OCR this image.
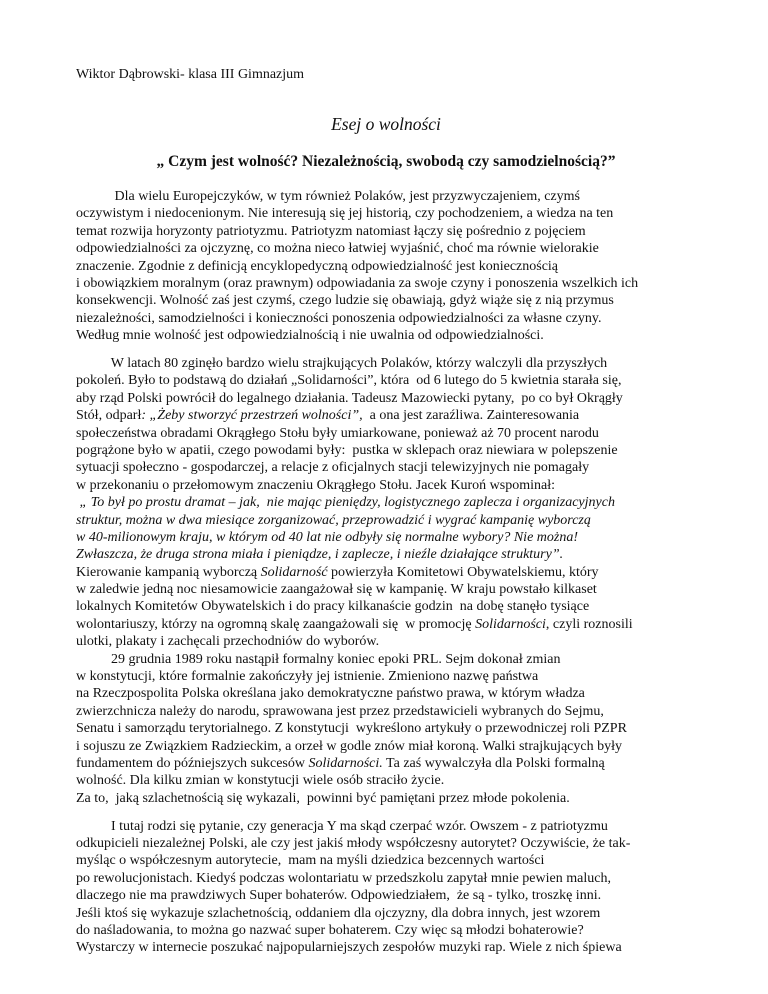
Wiktor Dąbrowski- klasa III Gimnazjum
Esej o wolności
„ Czym jest wolność? Niezależnością, swobodą czy samodzielnością?”
Dla wielu Europejczyków, w tym również Polaków, jest przyzwyczajeniem, czymś
oczywistym i niedocenionym. Nie interesują się jej historią, czy pochodzeniem, a wiedza na ten
temat rozwija horyzonty patriotyzmu. Patriotyzm natomiast łączy się pośrednio z pojęciem
odpowiedzialności za ojczyznę, co można nieco łatwiej wyjaśnić, choć ma równie wielorakie
znaczenie. Zgodnie z definicją encyklopedyczną odpowiedzialność jest koniecznością
i obowiązkiem moralnym (oraz prawnym) odpowiadania za swoje czyny i ponoszenia wszelkich ich
konsekwencji. Wolność zaś jest czymś, czego ludzie się obawiają, gdyż wiąże się z nią przymus
niezależności, samodzielności i konieczności ponoszenia odpowiedzialności za własne czyny.
Według mnie wolność jest odpowiedzialnością i nie uwalnia od odpowiedzialności.
W latach 80 zginęło bardzo wielu strajkujących Polaków, którzy walczyli dla przyszłych
pokoleń. Było to podstawą do działań „Solidarności”, która  od 6 lutego do 5 kwietnia starała się,
aby rząd Polski powrócił do legalnego działania. Tadeusz Mazowiecki pytany,  po co był Okrągły
Stół, odparł: „Żeby stworzyć przestrzeń wolności”,  a ona jest zaraźliwa. Zainteresowania
społeczeństwa obradami Okrągłego Stołu były umiarkowane, ponieważ aż 70 procent narodu
pogrążone było w apatii, czego powodami były:  pustka w sklepach oraz niewiara w polepszenie
sytuacji społeczno - gospodarczej, a relacje z oficjalnych stacji telewizyjnych nie pomagały
w przekonaniu o przełomowym znaczeniu Okrągłego Stołu. Jacek Kuroń wspominał:
„ To był po prostu dramat – jak,  nie mając pieniędzy, logistycznego zaplecza i organizacyjnych
struktur, można w dwa miesiące zorganizować, przeprowadzić i wygrać kampanię wyborczą
w 40-milionowym kraju, w którym od 40 lat nie odbyły się normalne wybory? Nie można!
Zwłaszcza, że druga strona miała i pieniądze, i zaplecze, i nieźle działające struktury”.
Kierowanie kampanią wyborczą Solidarność powierzyła Komitetowi Obywatelskiemu, który
w zaledwie jedną noc niesamowicie zaangażował się w kampanię. W kraju powstało kilkaset
lokalnych Komitetów Obywatelskich i do pracy kilkanaście godzin  na dobę stanęło tysiące
wolontariuszy, którzy na ogromną skalę zaangażowali się  w promocję Solidarności, czyli roznosili
ulotki, plakaty i zachęcali przechodniów do wyborów.
29 grudnia 1989 roku nastąpił formalny koniec epoki PRL. Sejm dokonał zmian
w konstytucji, które formalnie zakończyły jej istnienie. Zmieniono nazwę państwa
na Rzeczpospolita Polska określana jako demokratyczne państwo prawa, w którym władza
zwierzchnicza należy do narodu, sprawowana jest przez przedstawicieli wybranych do Sejmu,
Senatu i samorządu terytorialnego. Z konstytucji  wykreślono artykuły o przewodniczej roli PZPR
i sojuszu ze Związkiem Radzieckim, a orzeł w godle znów miał koroną. Walki strajkujących były
fundamentem do późniejszych sukcesów Solidarności. Ta zaś wywalczyła dla Polski formalną
wolność. Dla kilku zmian w konstytucji wiele osób straciło życie.
Za to,  jaką szlachetnością się wykazali,  powinni być pamiętani przez młode pokolenia.
I tutaj rodzi się pytanie, czy generacja Y ma skąd czerpać wzór. Owszem - z patriotyzmu
odkupicieli niezależnej Polski, ale czy jest jakiś młody współczesny autorytet? Oczywiście, że tak-
myśląc o współczesnym autorytecie,  mam na myśli dziedzica bezcennych wartości
po rewolucjonistach. Kiedyś podczas wolontariatu w przedszkolu zapytał mnie pewien maluch,
dlaczego nie ma prawdziwych Super bohaterów. Odpowiedziałem,  że są - tylko, troszkę inni.
Jeśli ktoś się wykazuje szlachetnością, oddaniem dla ojczyzny, dla dobra innych, jest wzorem
do naśladowania, to można go nazwać super bohaterem. Czy więc są młodzi bohaterowie?
Wystarczy w internecie poszukać najpopularniejszych zespołów muzyki rap. Wiele z nich śpiewa
